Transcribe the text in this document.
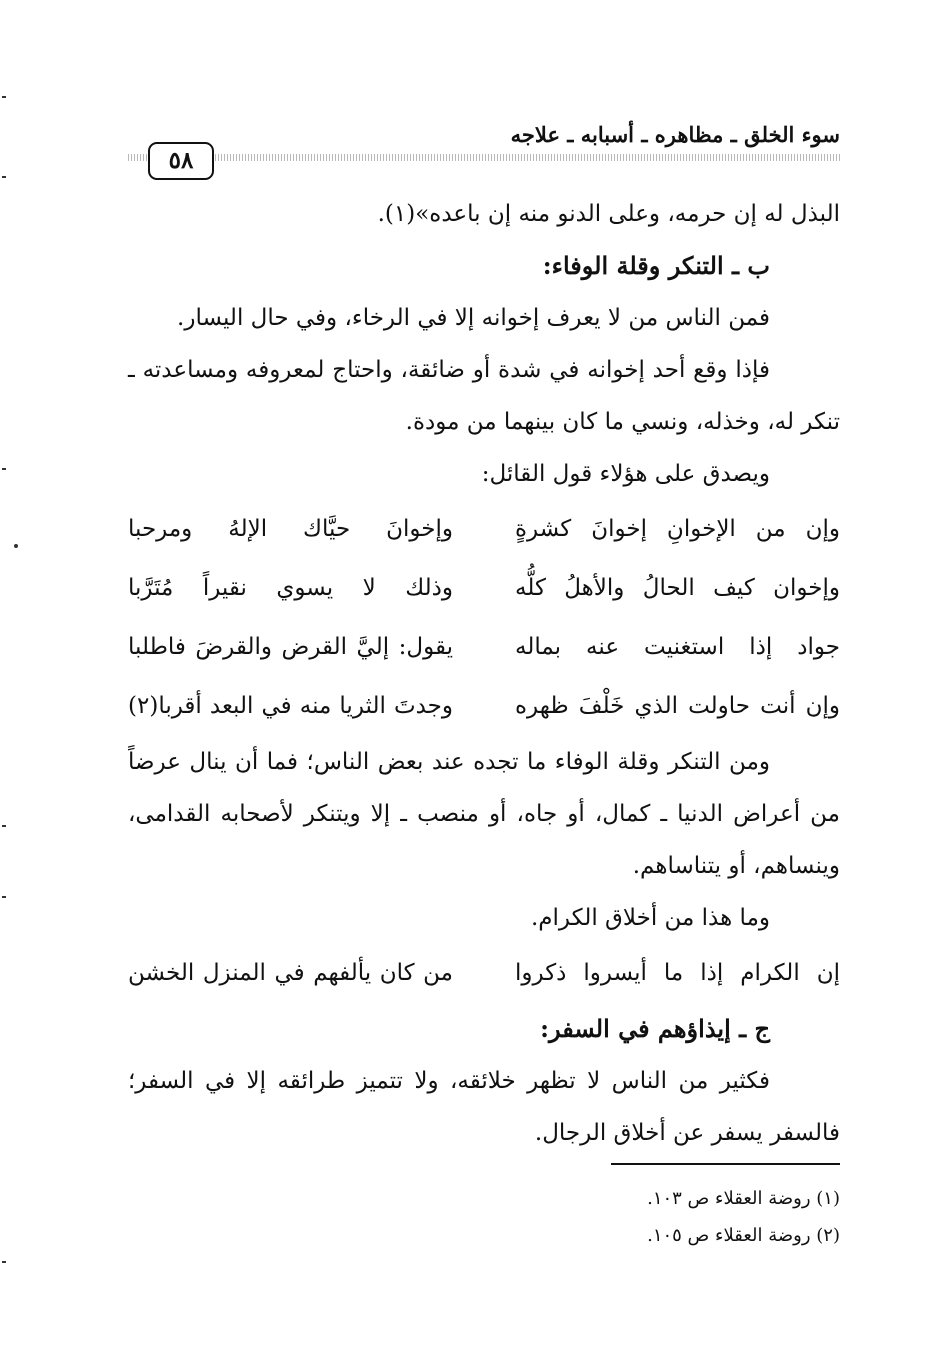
سوء الخلق ـ مظاهره ـ أسبابه ـ علاجه
٥٨

البذل له إن حرمه، وعلى الدنو منه إن باعده»(١).

ب ـ التنكر وقلة الوفاء:

فمن الناس من لا يعرف إخوانه إلا في الرخاء، وفي حال اليسار.

فإذا وقع أحد إخوانه في شدة أو ضائقة، واحتاج لمعروفه ومساعدته ـ تنكر له، وخذله، ونسي ما كان بينهما من مودة.

ويصدق على هؤلاء قول القائل:

وإن من الإخوانِ إخوانَ كشرةٍ
وإخوانَ حيَّاك الإلهُ ومرحبا
وإخوان كيف الحالُ والأهلُ كلُّه
وذلك لا يسوي نقيراً مُتَرَّبا
جواد إذا استغنيت عنه بماله
يقول: إليَّ القرض والقرضَ فاطلبا
وإن أنت حاولت الذي خَلْفَ ظهره
وجدتَ الثريا منه في البعد أقربا(٢)

ومن التنكر وقلة الوفاء ما تجده عند بعض الناس؛ فما أن ينال عرضاً من أعراض الدنيا ـ كمال، أو جاه، أو منصب ـ إلا ويتنكر لأصحابه القدامى، وينساهم، أو يتناساهم.

وما هذا من أخلاق الكرام.

إن الكرام إذا ما أيسروا ذكروا
من كان يألفهم في المنزل الخشن

ج ـ إيذاؤهم في السفر:

فكثير من الناس لا تظهر خلائقه، ولا تتميز طرائقه إلا في السفر؛ فالسفر يسفر عن أخلاق الرجال.

(١) روضة العقلاء ص ١٠٣.

(٢) روضة العقلاء ص ١٠٥.
